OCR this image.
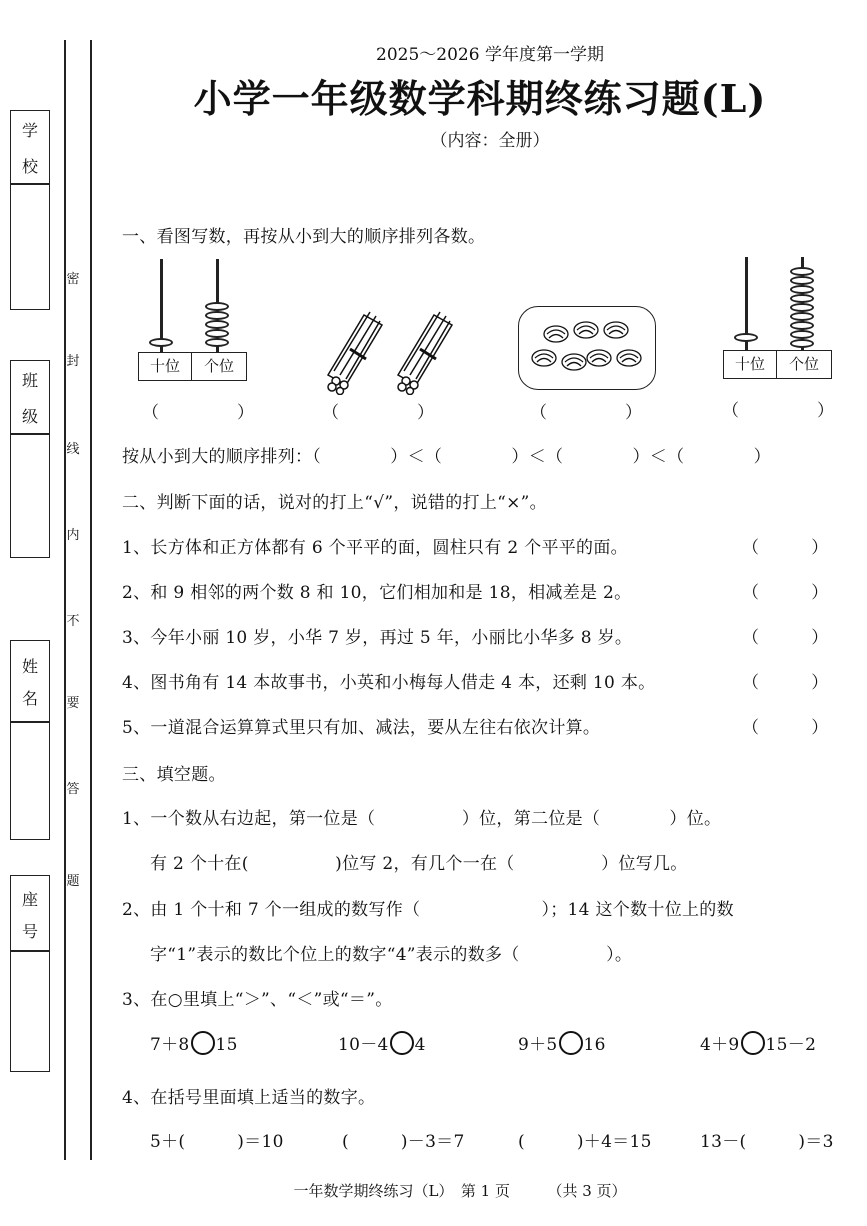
学
校
班
级
姓
名
座
号
密
封
线
内
不
要
答
题
2025～2026 学年度第一学期
小学一年级数学科期终练习题(L)
（内容：全册）
一、看图写数，再按从小到大的顺序排列各数。
十位	个位	十位	个位
（	）	（	）	（	）	（	）
按从小到大的顺序排列：（　　　　）＜（　　　　）＜（　　　　）＜（　　　　）
二、判断下面的话，说对的打上“√”，说错的打上“×”。
1、长方体和正方体都有 6 个平平的面，圆柱只有 2 个平平的面。	（　　　）
2、和 9 相邻的两个数 8 和 10，它们相加和是 18，相减差是 2。	（　　　）
3、今年小丽 10 岁，小华 7 岁，再过 5 年，小丽比小华多 8 岁。	（　　　）
4、图书角有 14 本故事书，小英和小梅每人借走 4 本，还剩 10 本。	（　　　）
5、一道混合运算算式里只有加、减法，要从左往右依次计算。	（　　　）
三、填空题。
1、一个数从右边起，第一位是（　　　　　）位，第二位是（　　　　）位。
有 2 个十在(　　　　　)位写 2，有几个一在（　　　　　）位写几。
2、由 1 个十和 7 个一组成的数写作（　　　　　　　）；14 这个数十位上的数
字“1”表示的数比个位上的数字“4”表示的数多（　　　　　）。
3、在○里填上“＞”、“＜”或“＝”。
7＋8 15	10－4 4	9＋5 16	4＋9 15－2
4、在括号里面填上适当的数字。
5＋(　　　)＝10	(　　　)－3＝7	(　　　)＋4＝15	13－(　　　)＝3
一年数学期终练习（L）　第 1 页　　　（共 3 页）
